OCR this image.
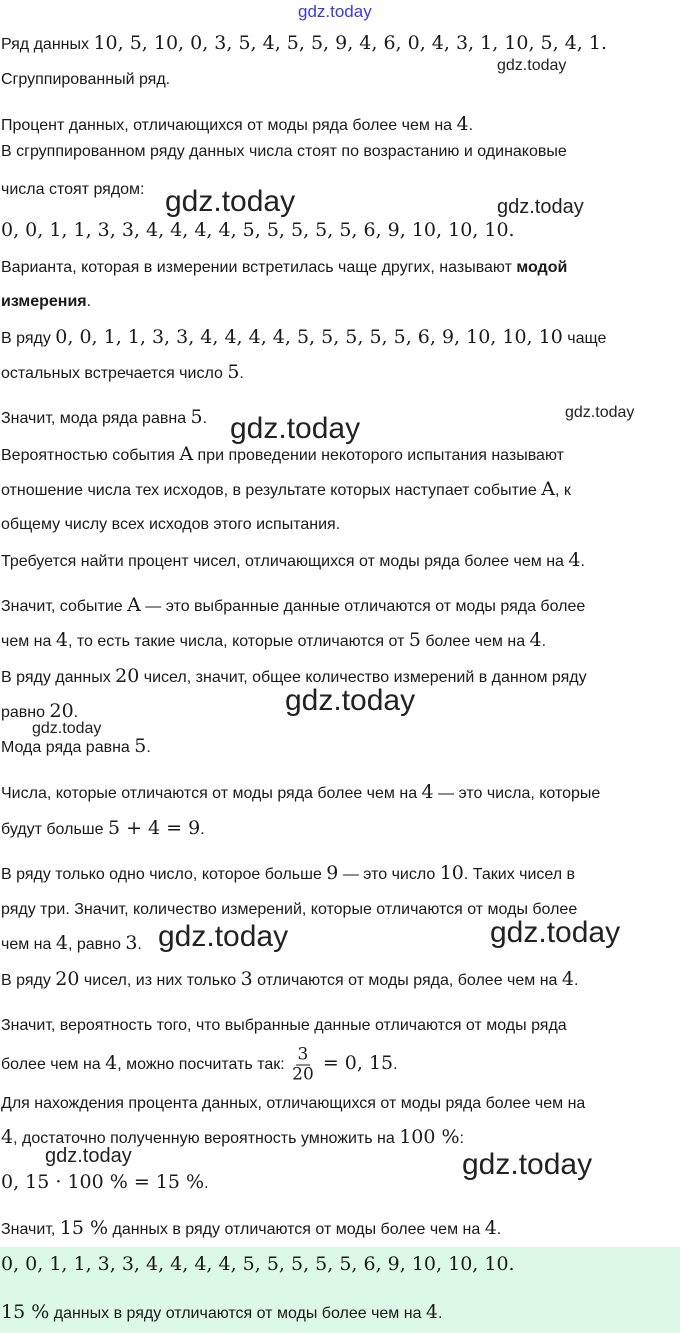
Ряд данных 10, 5, 10, 0, 3, 5, 4, 5, 5, 9, 4, 6, 0, 4, 3, 1, 10, 5, 4, 1.
Сгруппированный ряд.
Процент данных, отличающихся от моды ряда более чем на 4.
В сгруппированном ряду данных числа стоят по возрастанию и одинаковые
числа стоят рядом:
0, 0, 1, 1, 3, 3, 4, 4, 4, 4, 5, 5, 5, 5, 5, 6, 9, 10, 10, 10.
Варианта, которая в измерении встретилась чаще других, называют модой
измерения.
В ряду 0, 0, 1, 1, 3, 3, 4, 4, 4, 4, 5, 5, 5, 5, 5, 6, 9, 10, 10, 10 чаще
остальных встречается число 5.
Значит, мода ряда равна 5.
Вероятностью события A при проведении некоторого испытания называют
отношение числа тех исходов, в результате которых наступает событие A, к
общему числу всех исходов этого испытания.
Требуется найти процент чисел, отличающихся от моды ряда более чем на 4.
Значит, событие A — это выбранные данные отличаются от моды ряда более
чем на 4, то есть такие числа, которые отличаются от 5 более чем на 4.
В ряду данных 20 чисел, значит, общее количество измерений в данном ряду
равно 20.
Мода ряда равна 5.
Числа, которые отличаются от моды ряда более чем на 4 — это числа, которые
будут больше 5 + 4 = 9.
В ряду только одно число, которое больше 9 — это число 10. Таких чисел в
ряду три. Значит, количество измерений, которые отличаются от моды более
чем на 4, равно 3.
В ряду 20 чисел, из них только 3 отличаются от моды ряда, более чем на 4.
Значит, вероятность того, что выбранные данные отличаются от моды ряда
более чем на 4, можно посчитать так: $\frac{3}{20} = 0$, 15.
Для нахождения процента данных, отличающихся от моды ряда более чем на
4, достаточно полученную вероятность умножить на 100 %:
0, 15 · 100 % = 15 %.
Значит, 15 % данных в ряду отличаются от моды более чем на 4.
0, 0, 1, 1, 3, 3, 4, 4, 4, 4, 5, 5, 5, 5, 5, 6, 9, 10, 10, 10.
15 % данных в ряду отличаются от моды более чем на 4.
gdz.today
gdz.today
gdz.today	gdz.today
gdz.today
gdz.today
gdz.today
gdz.today
gdz.today	gdz.today
gdz.today	gdz.today
